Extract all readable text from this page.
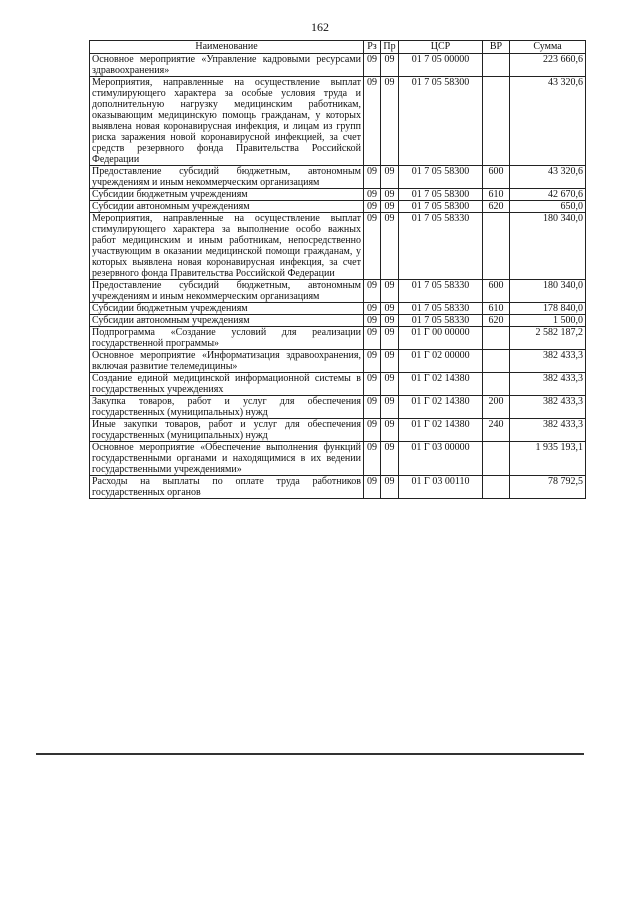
162
Наименование	Рз	Пр	ЦСР	ВР	Сумма
Основное мероприятие «Управление кадровыми ресурсами здравоохранения»	09	09	01 7 05 00000		223 660,6
Мероприятия, направленные на осуществление выплат стимулирующего характера за особые условия труда и дополнительную нагрузку медицинским работникам, оказывающим медицинскую помощь гражданам, у которых выявлена новая коронавирусная инфекция, и лицам из групп риска заражения новой коронавирусной инфекцией, за счет средств резервного фонда Правительства Российской Федерации	09	09	01 7 05 58300		43 320,6
Предоставление субсидий бюджетным, автономным учреждениям и иным некоммерческим организациям	09	09	01 7 05 58300	600	43 320,6
Субсидии бюджетным учреждениям	09	09	01 7 05 58300	610	42 670,6
Субсидии автономным учреждениям	09	09	01 7 05 58300	620	650,0
Мероприятия, направленные на осуществление выплат стимулирующего характера за выполнение особо важных работ медицинским и иным работникам, непосредственно участвующим в оказании медицинской помощи гражданам, у которых выявлена новая коронавирусная инфекция, за счет резервного фонда Правительства Российской Федерации	09	09	01 7 05 58330		180 340,0
Предоставление субсидий бюджетным, автономным учреждениям и иным некоммерческим организациям	09	09	01 7 05 58330	600	180 340,0
Субсидии бюджетным учреждениям	09	09	01 7 05 58330	610	178 840,0
Субсидии автономным учреждениям	09	09	01 7 05 58330	620	1 500,0
Подпрограмма «Создание условий для реализации государственной программы»	09	09	01 Г 00 00000		2 582 187,2
Основное мероприятие «Информатизация здравоохранения, включая развитие телемедицины»	09	09	01 Г 02 00000		382 433,3
Создание единой медицинской информационной системы в государственных учреждениях	09	09	01 Г 02 14380		382 433,3
Закупка товаров, работ и услуг для обеспечения государственных (муниципальных) нужд	09	09	01 Г 02 14380	200	382 433,3
Иные закупки товаров, работ и услуг для обеспечения государственных (муниципальных) нужд	09	09	01 Г 02 14380	240	382 433,3
Основное мероприятие «Обеспечение выполнения функций государственными органами и находящимися в их ведении государственными учреждениями»	09	09	01 Г 03 00000		1 935 193,1
Расходы на выплаты по оплате труда работников государственных органов	09	09	01 Г 03 00110		78 792,5
